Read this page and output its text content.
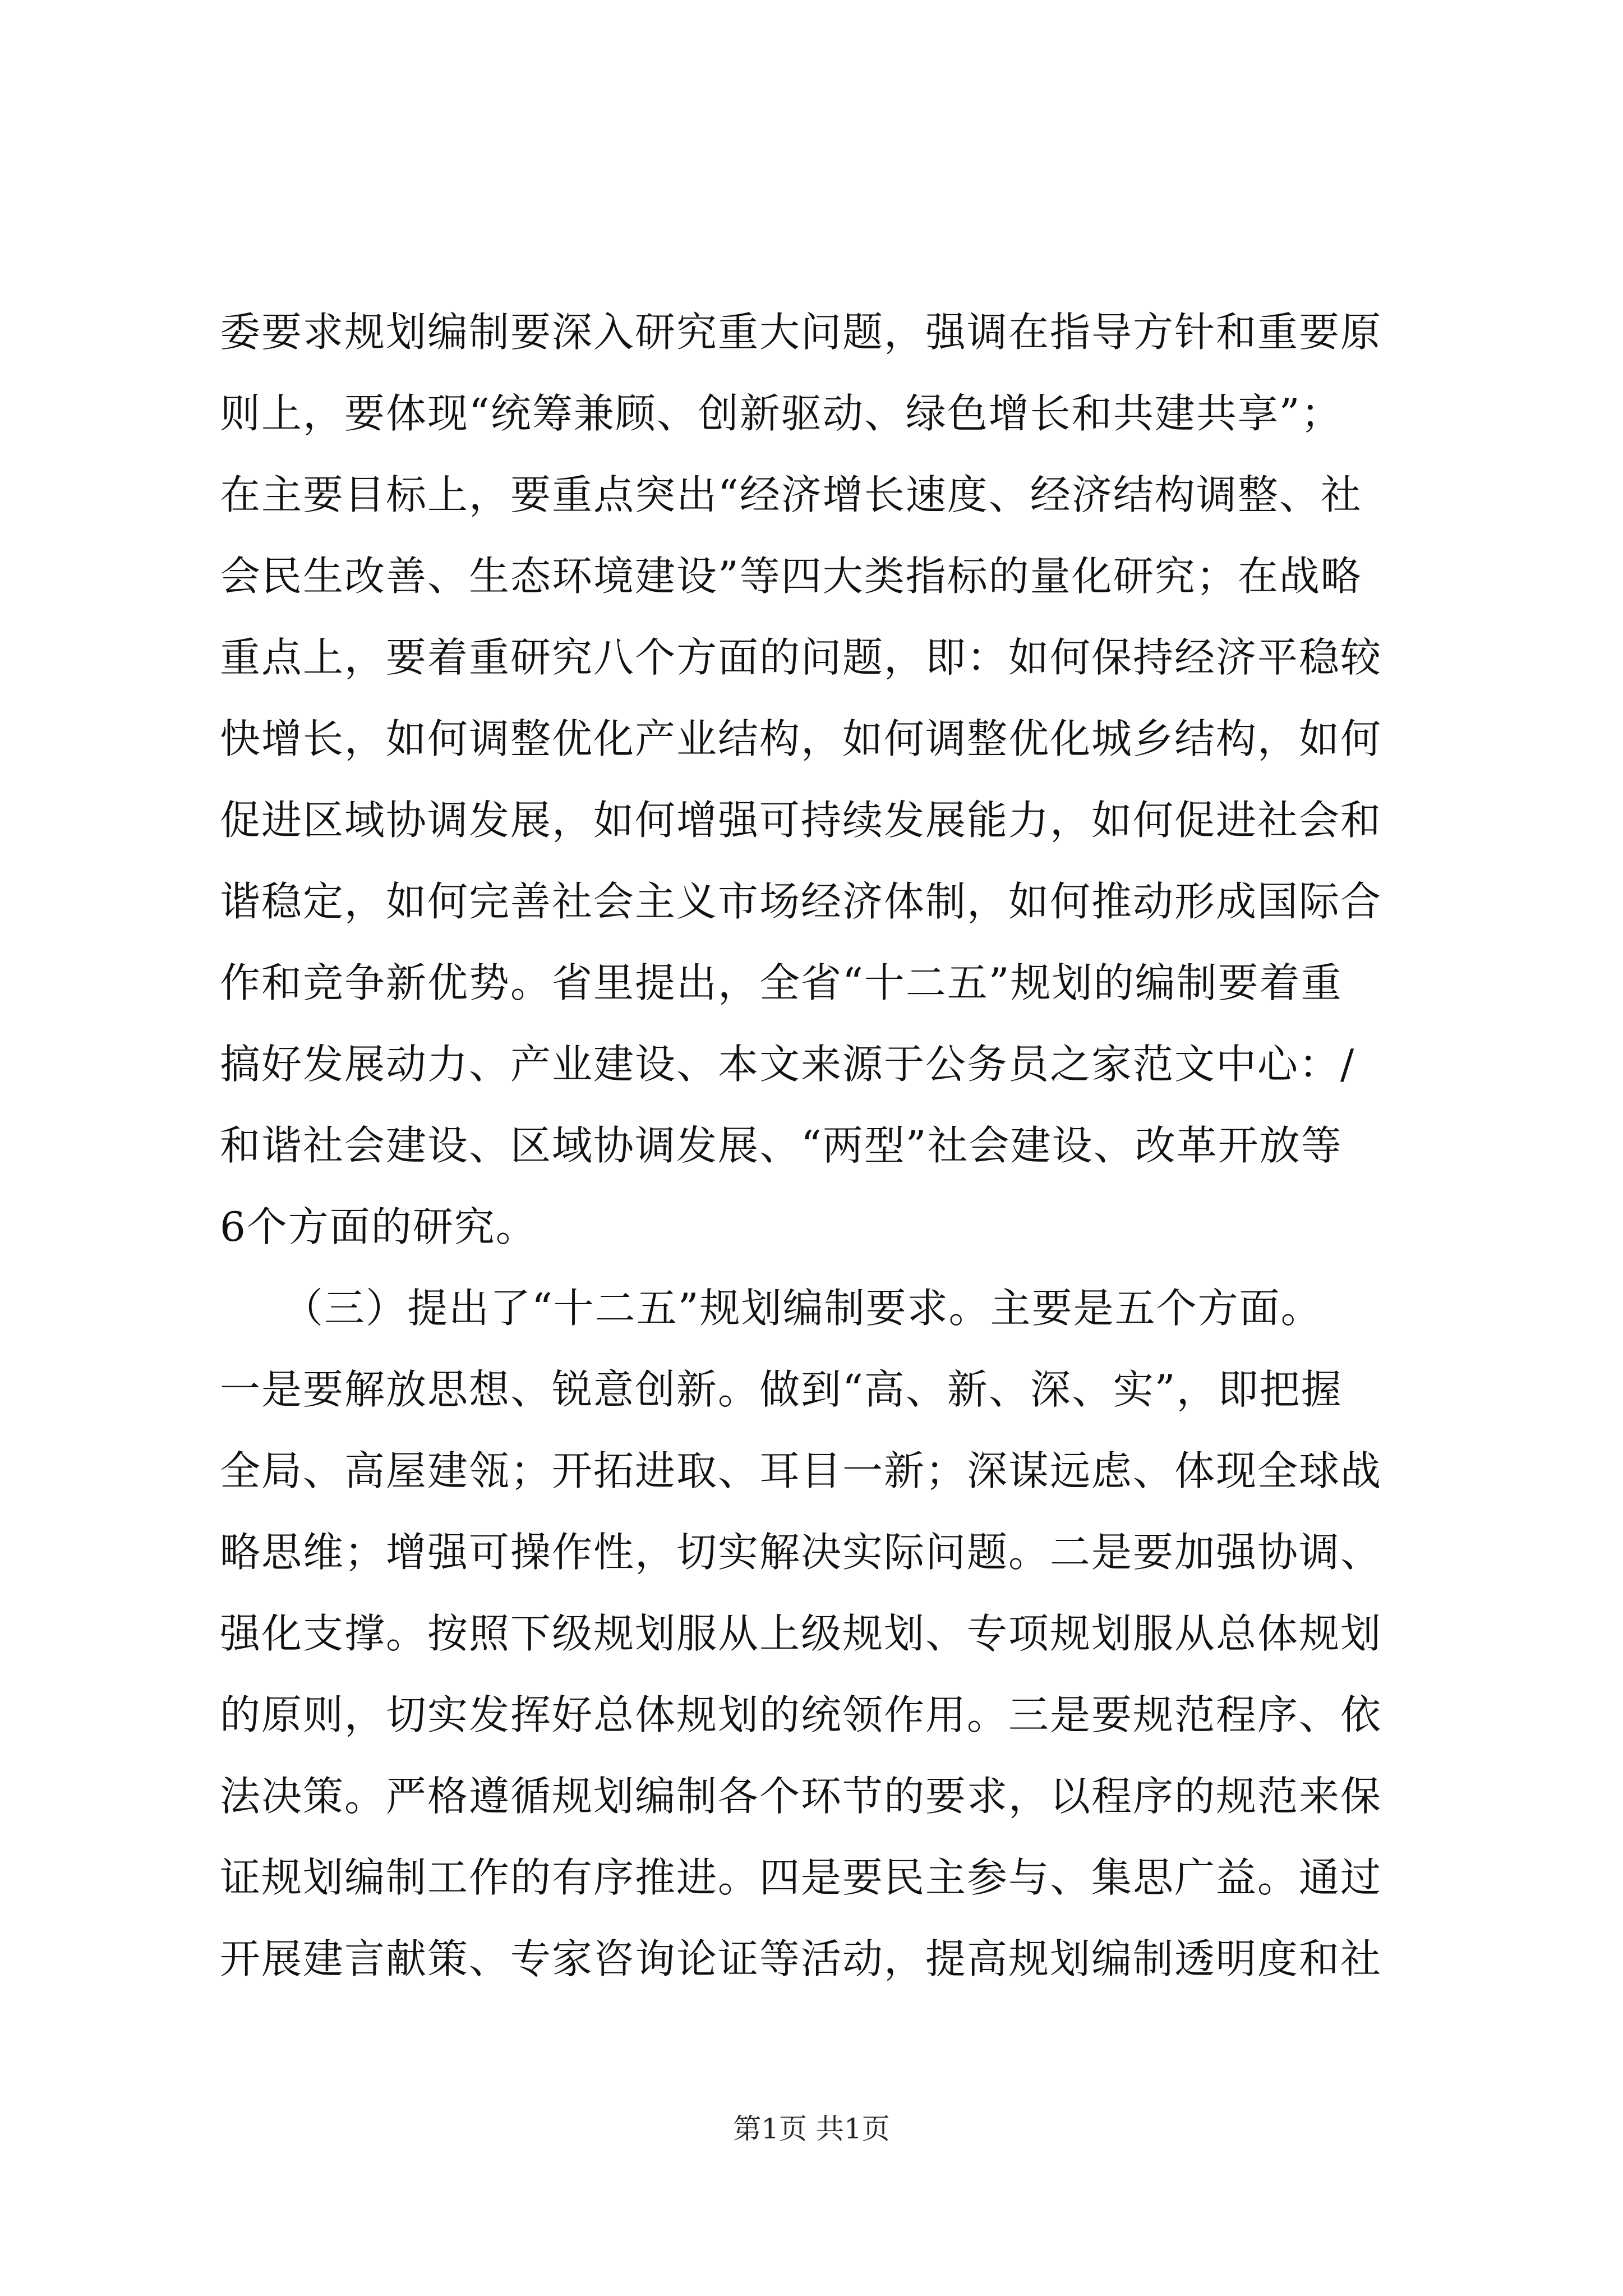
委要求规划编制要深入研究重大问题，强调在指导方针和重要原
则上，要体现“统筹兼顾、创新驱动、绿色增长和共建共享”；
在主要目标上，要重点突出“经济增长速度、经济结构调整、社
会民生改善、生态环境建设”等四大类指标的量化研究；在战略
重点上，要着重研究八个方面的问题，即：如何保持经济平稳较
快增长，如何调整优化产业结构，如何调整优化城乡结构，如何
促进区域协调发展，如何增强可持续发展能力，如何促进社会和
谐稳定，如何完善社会主义市场经济体制，如何推动形成国际合
作和竞争新优势。省里提出，全省“十二五”规划的编制要着重
搞好发展动力、产业建设、本文来源于公务员之家范文中心：/
和谐社会建设、区域协调发展、“两型”社会建设、改革开放等
6个方面的研究。
　　（三）提出了“十二五”规划编制要求。主要是五个方面。
一是要解放思想、锐意创新。做到“高、新、深、实”，即把握
全局、高屋建瓴；开拓进取、耳目一新；深谋远虑、体现全球战
略思维；增强可操作性，切实解决实际问题。二是要加强协调、
强化支撑。按照下级规划服从上级规划、专项规划服从总体规划
的原则，切实发挥好总体规划的统领作用。三是要规范程序、依
法决策。严格遵循规划编制各个环节的要求，以程序的规范来保
证规划编制工作的有序推进。四是要民主参与、集思广益。通过
开展建言献策、专家咨询论证等活动，提高规划编制透明度和社
第1页 共1页
